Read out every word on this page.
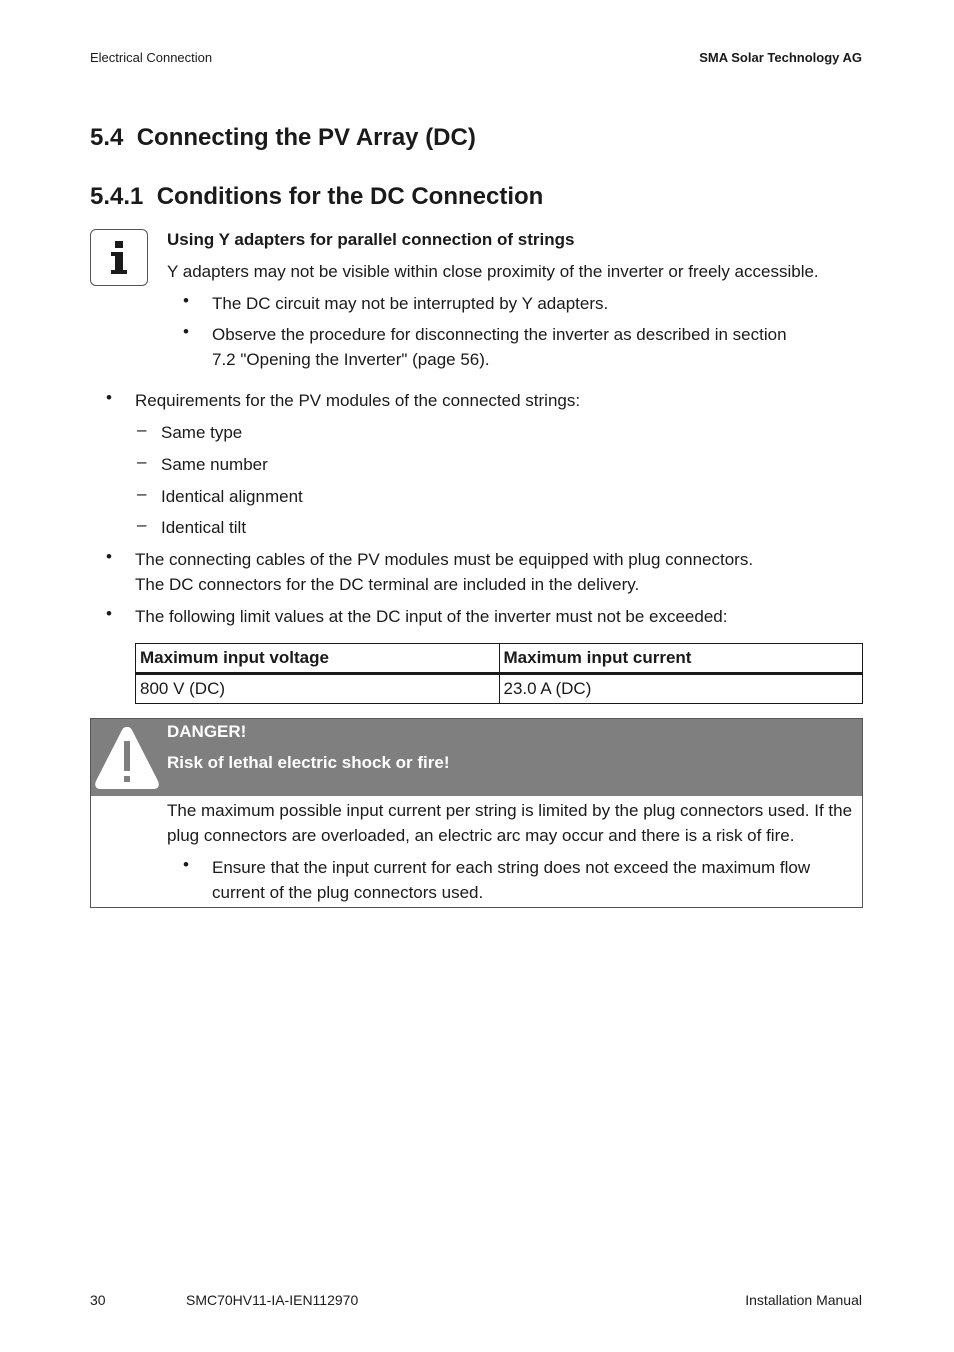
Electrical Connection	SMA Solar Technology AG
5.4  Connecting the PV Array (DC)
5.4.1  Conditions for the DC Connection
Using Y adapters for parallel connection of strings
Y adapters may not be visible within close proximity of the inverter or freely accessible.
• The DC circuit may not be interrupted by Y adapters.
• Observe the procedure for disconnecting the inverter as described in section
7.2 "Opening the Inverter" (page 56).
• Requirements for the PV modules of the connected strings:
– Same type
– Same number
– Identical alignment
– Identical tilt
• The connecting cables of the PV modules must be equipped with plug connectors.
The DC connectors for the DC terminal are included in the delivery.
• The following limit values at the DC input of the inverter must not be exceeded:
Maximum input voltage	Maximum input current
800 V (DC)	23.0 A (DC)
DANGER!
Risk of lethal electric shock or fire!
The maximum possible input current per string is limited by the plug connectors used. If the
plug connectors are overloaded, an electric arc may occur and there is a risk of fire.
• Ensure that the input current for each string does not exceed the maximum flow
current of the plug connectors used.
30	SMC70HV11-IA-IEN112970	Installation Manual
